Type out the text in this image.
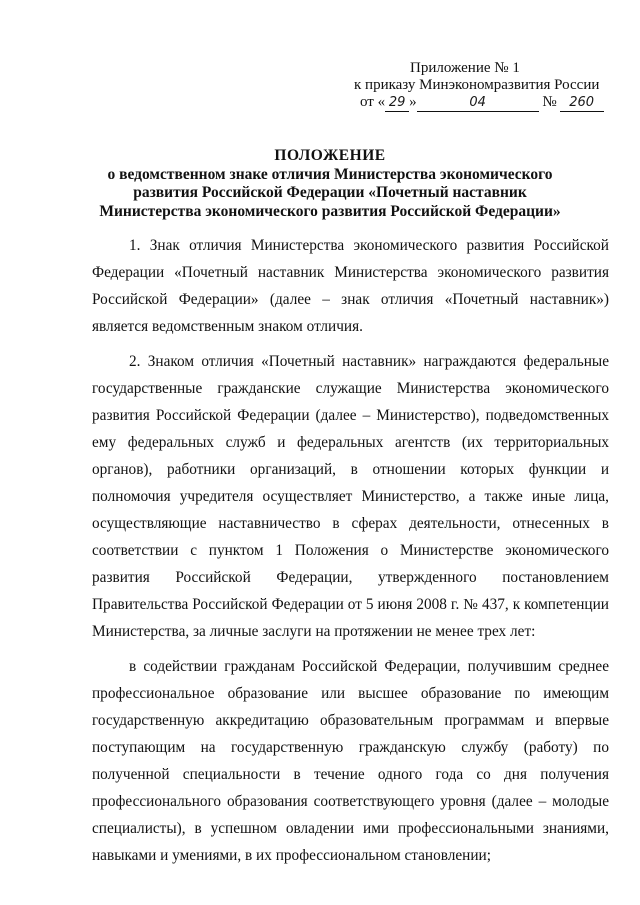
Приложение № 1
к приказу Минэкономразвития России
от « 29 »	04	№ 260
ПОЛОЖЕНИЕ
о ведомственном знаке отличия Министерства экономического
развития Российской Федерации «Почетный наставник
Министерства экономического развития Российской Федерации»

1. Знак отличия Министерства экономического развития Российской Федерации «Почетный наставник Министерства экономического развития Российской Федерации» (далее – знак отличия «Почетный наставник») является ведомственным знаком отличия.

2. Знаком отличия «Почетный наставник» награждаются федеральные государственные гражданские служащие Министерства экономического развития Российской Федерации (далее – Министерство), подведомственных ему федеральных служб и федеральных агентств (их территориальных органов), работники организаций, в отношении которых функции и полномочия учредителя осуществляет Министерство, а также иные лица, осуществляющие наставничество в сферах деятельности, отнесенных в соответствии с пунктом 1 Положения о Министерстве экономического развития Российской Федерации, утвержденного постановлением Правительства Российской Федерации от 5 июня 2008 г. № 437, к компетенции Министерства, за личные заслуги на протяжении не менее трех лет:

в содействии гражданам Российской Федерации, получившим среднее профессиональное образование или высшее образование по имеющим государственную аккредитацию образовательным программам и впервые поступающим на государственную гражданскую службу (работу) по полученной специальности в течение одного года со дня получения профессионального образования соответствующего уровня (далее – молодые специалисты), в успешном овладении ими профессиональными знаниями, навыками и умениями, в их профессиональном становлении;
